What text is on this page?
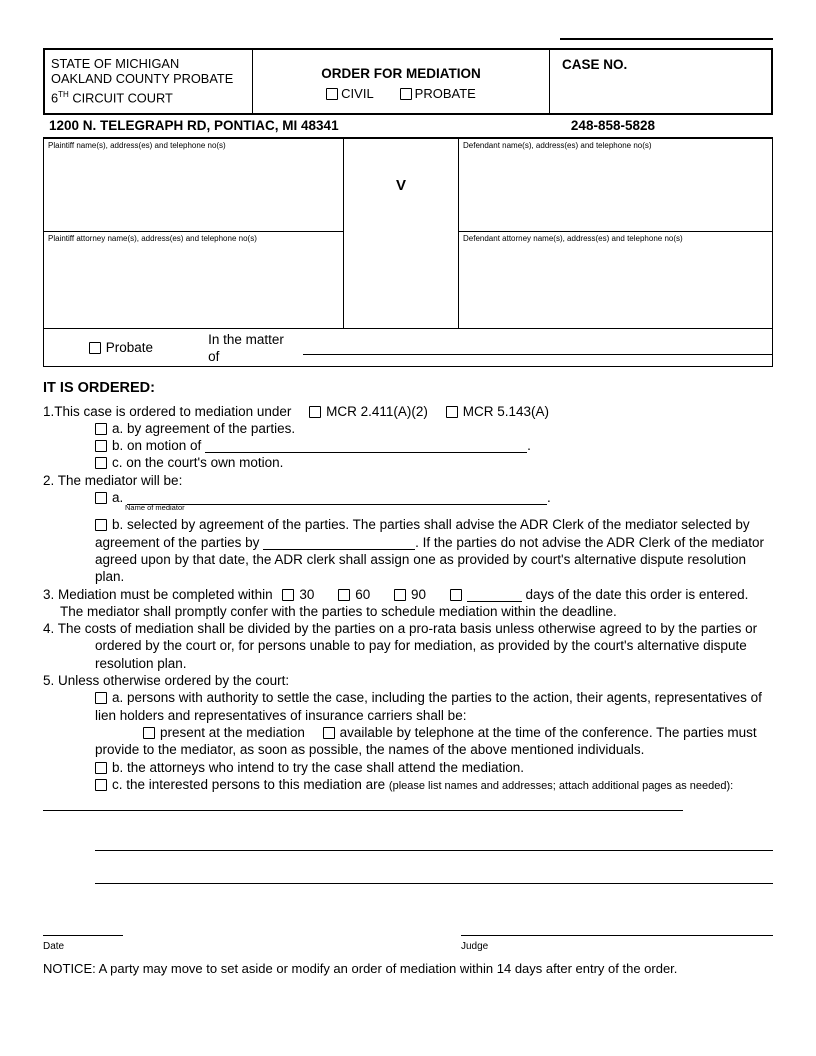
STATE OF MICHIGAN
OAKLAND COUNTY PROBATE
6TH CIRCUIT COURT
ORDER FOR MEDIATION
CIVIL	PROBATE
CASE NO.
1200 N. TELEGRAPH RD, PONTIAC, MI 48341	248-858-5828
Plaintiff name(s), address(es) and telephone no(s)
V
Defendant name(s), address(es) and telephone no(s)
Plaintiff attorney name(s), address(es) and telephone no(s)	Defendant attorney name(s), address(es) and telephone no(s)
Probate
In the matter of
IT IS ORDERED:
1.This case is ordered to mediation under	MCR 2.411(A)(2)	MCR 5.143(A)
a. by agreement of the parties.
b. on motion of	.
c. on the court's own motion.
2. The mediator will be:
a.	.
Name of mediator
b. selected by agreement of the parties. The parties shall advise the ADR Clerk of the mediator selected by agreement of the parties by	. If the parties do not advise the ADR Clerk of the mediator agreed upon by that date, the ADR clerk shall assign one as provided by court's alternative dispute resolution plan.
3. Mediation must be completed within 30	60	90	days of the date this order is entered. The mediator shall promptly confer with the parties to schedule mediation within the deadline.
4. The costs of mediation shall be divided by the parties on a pro-rata basis unless otherwise agreed to by the parties or ordered by the court or, for persons unable to pay for mediation, as provided by the court's alternative dispute resolution plan.
5. Unless otherwise ordered by the court:
a. persons with authority to settle the case, including the parties to the action, their agents, representatives of lien holders and representatives of insurance carriers shall be:
present at the mediation	available by telephone at the time of the conference. The parties must provide to the mediator, as soon as possible, the names of the above mentioned individuals.
b. the attorneys who intend to try the case shall attend the mediation.
c. the interested persons to this mediation are (please list names and addresses; attach additional pages as needed):
Date	Judge
NOTICE: A party may move to set aside or modify an order of mediation within 14 days after entry of the order.
